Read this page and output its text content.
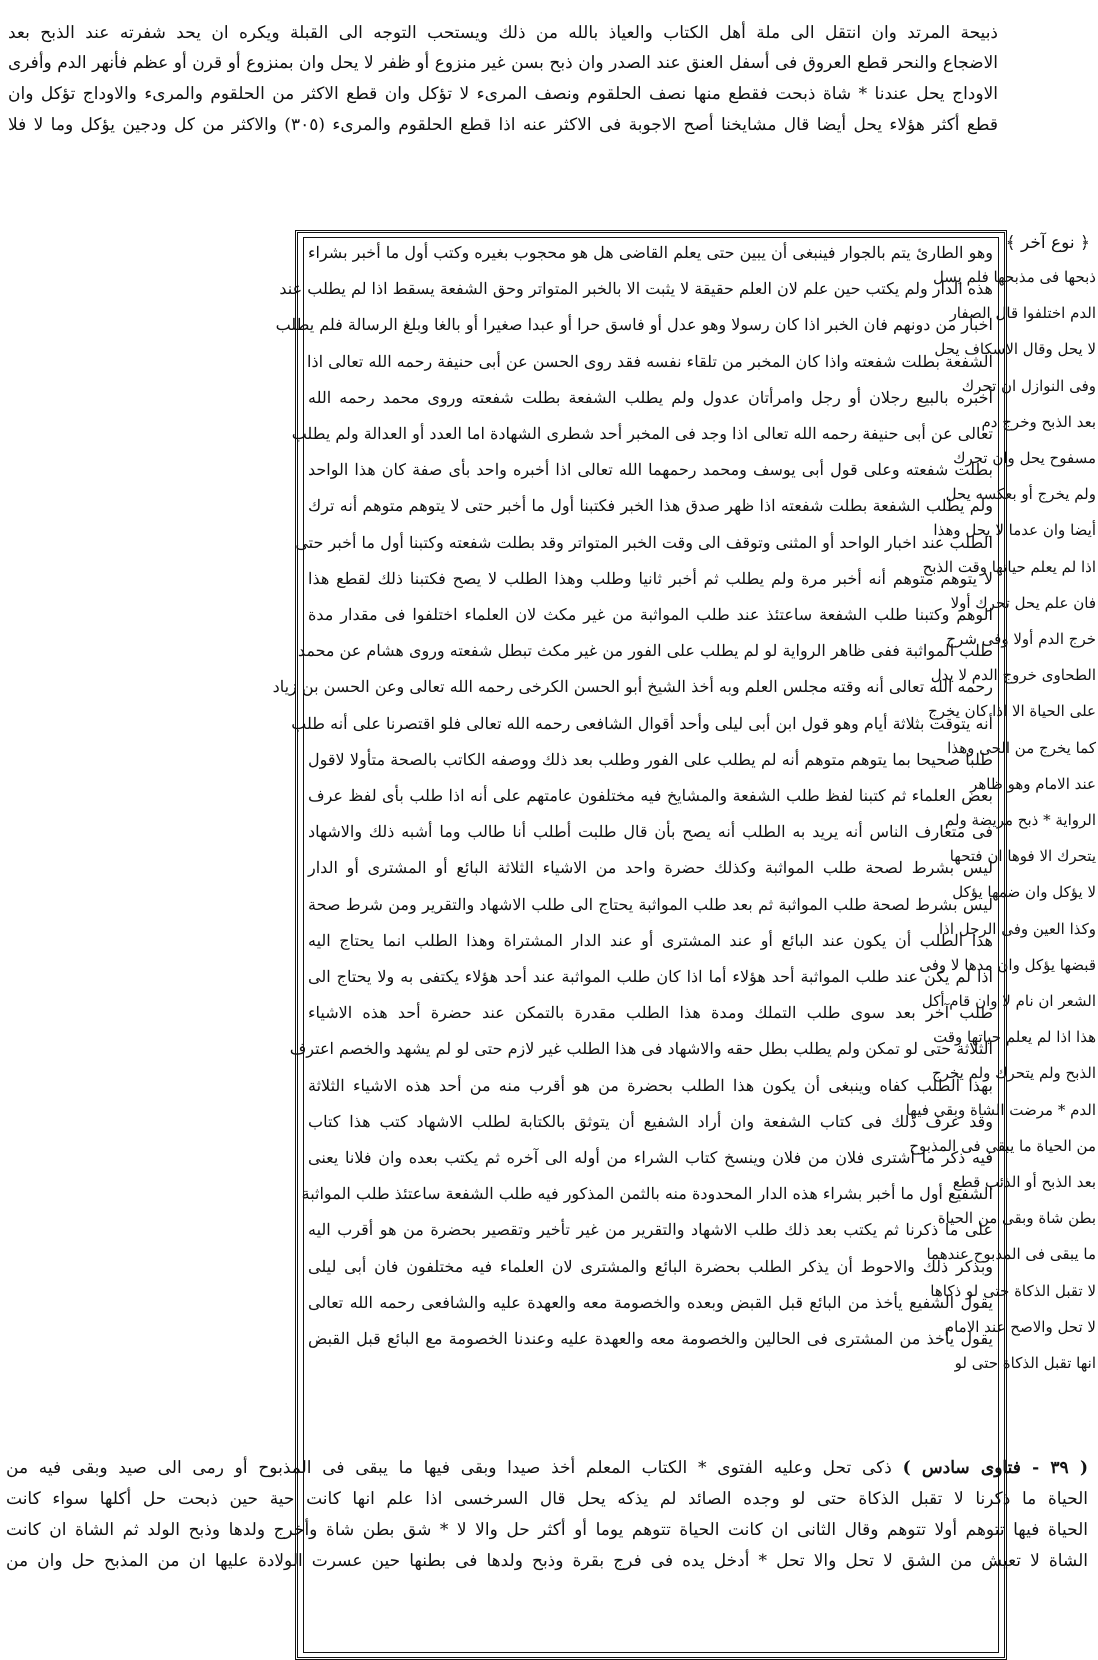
ذبيحة المرتد وان انتقل الى ملة أهل الكتاب والعياذ بالله من ذلك ويستحب التوجه الى القبلة ويكره ان يحد شفرته عند الذبح بعد
الاضجاع والنحر قطع العروق فى أسفل العنق عند الصدر وان ذبح بسن غير منزوع أو ظفر لا يحل وان بمنزوع أو قرن أو عظم فأنهر الدم وأفرى
الاوداج يحل عندنا * شاة ذبحت فقطع منها نصف الحلقوم ونصف المرىء لا تؤكل وان قطع الاكثر من الحلقوم والمرىء والاوداج تؤكل وان
قطع أكثر هؤلاء يحل أيضا قال مشايخنا أصح الاجوبة فى الاكثر عنه اذا قطع الحلقوم والمرىء (٣٠٥) والاكثر من كل ودجين يؤكل وما لا فلا
﴿ نوع آخر ﴾
ذبحها فى مذبحها فلم يسل
الدم اختلفوا قال الصفار
لا يحل وقال الاسكاف يحل
وفى النوازل ان تحرك
بعد الذبح وخرج دم
مسفوح يحل وان تحرك
ولم يخرج أو بعكسه يحل
أيضا وان عدما لا يحل وهذا
اذا لم يعلم حياتها وقت الذبح
فان علم يحل تحرك أولا
خرج الدم أولا وفى شرح
الطحاوى خروج الدم لا يدل
على الحياة الا اذا كان يخرج
كما يخرج من الحى وهذا
عند الامام وهو ظاهر
الرواية * ذبح مريضة ولم
يتحرك الا فوها ان فتحها
لا يؤكل وان ضمها يؤكل
وكذا العين وفى الرجل اذا
قبضها يؤكل وان مدها لا وفى
الشعر ان نام لا وان قام أكل
هذا اذا لم يعلم حياتها وقت
الذبح ولم يتحرك ولم يخرج
الدم * مرضت الشاة وبقى فيها
من الحياة ما يبقى فى المذبوح
بعد الذبح أو الذئب قطع
بطن شاة وبقى من الحياة
ما يبقى فى المذبوح عندهما
لا تقبل الذكاة حتى لو ذكاها
لا تحل والاصح عند الامام
انها تقبل الذكاة حتى لو
وهو الطارئ يتم بالجوار فينبغى أن يبين حتى يعلم القاضى هل هو محجوب بغيره وكتب أول ما أخبر بشراء
هذه الدار ولم يكتب حين علم لان العلم حقيقة لا يثبت الا بالخبر المتواتر وحق الشفعة يسقط اذا لم يطلب عند
اخبار من دونهم فان الخبر اذا كان رسولا وهو عدل أو فاسق حرا أو عبدا صغيرا أو بالغا وبلغ الرسالة فلم يطلب
الشفعة بطلت شفعته واذا كان المخبر من تلقاء نفسه فقد روى الحسن عن أبى حنيفة رحمه الله تعالى اذا
أخبره بالبيع رجلان أو رجل وامرأتان عدول ولم يطلب الشفعة بطلت شفعته وروى محمد رحمه الله
تعالى عن أبى حنيفة رحمه الله تعالى اذا وجد فى المخبر أحد شطرى الشهادة اما العدد أو العدالة ولم يطلب
بطلت شفعته وعلى قول أبى يوسف ومحمد رحمهما الله تعالى اذا أخبره واحد بأى صفة كان هذا الواحد
ولم يطلب الشفعة بطلت شفعته اذا ظهر صدق هذا الخبر فكتبنا أول ما أخبر حتى لا يتوهم متوهم أنه ترك
الطلب عند اخبار الواحد أو المثنى وتوقف الى وقت الخبر المتواتر وقد بطلت شفعته وكتبنا أول ما أخبر حتى
لا يتوهم متوهم أنه أخبر مرة ولم يطلب ثم أخبر ثانيا وطلب وهذا الطلب لا يصح فكتبنا ذلك لقطع هذا
الوهم وكتبنا طلب الشفعة ساعتئذ عند طلب المواثبة من غير مكث لان العلماء اختلفوا فى مقدار مدة
طلب المواثبة ففى ظاهر الرواية لو لم يطلب على الفور من غير مكث تبطل شفعته وروى هشام عن محمد
رحمه الله تعالى أنه وقته مجلس العلم وبه أخذ الشيخ أبو الحسن الكرخى رحمه الله تعالى وعن الحسن بن زياد
أنه يتوقت بثلاثة أيام وهو قول ابن أبى ليلى وأحد أقوال الشافعى رحمه الله تعالى فلو اقتصرنا على أنه طلب
طلبا صحيحا بما يتوهم متوهم أنه لم يطلب على الفور وطلب بعد ذلك ووصفه الكاتب بالصحة متأولا لاقول
بعض العلماء ثم كتبنا لفظ طلب الشفعة والمشايخ فيه مختلفون عامتهم على أنه اذا طلب بأى لفظ عرف
فى متعارف الناس أنه يريد به الطلب أنه يصح بأن قال طلبت أطلب أنا طالب وما أشبه ذلك والاشهاد
ليس بشرط لصحة طلب المواثبة وكذلك حضرة واحد من الاشياء الثلاثة البائع أو المشترى أو الدار
ليس بشرط لصحة طلب المواثبة ثم بعد طلب المواثبة يحتاج الى طلب الاشهاد والتقرير ومن شرط صحة
هذا الطلب أن يكون عند البائع أو عند المشترى أو عند الدار المشتراة وهذا الطلب انما يحتاج اليه
اذا لم يكن عند طلب المواثبة أحد هؤلاء أما اذا كان طلب المواثبة عند أحد هؤلاء يكتفى به ولا يحتاج الى
طلب آخر بعد سوى طلب التملك ومدة هذا الطلب مقدرة بالتمكن عند حضرة أحد هذه الاشياء
الثلاثة حتى لو تمكن ولم يطلب بطل حقه والاشهاد فى هذا الطلب غير لازم حتى لو لم يشهد والخصم اعترف
بهذا الطلب كفاه وينبغى أن يكون هذا الطلب بحضرة من هو أقرب منه من أحد هذه الاشياء الثلاثة
وقد عرف ذلك فى كتاب الشفعة وان أراد الشفيع أن يتوثق بالكتابة لطلب الاشهاد كتب هذا كتاب
فيه ذكر ما اشترى فلان من فلان وينسخ كتاب الشراء من أوله الى آخره ثم يكتب بعده وان فلانا يعنى
الشفيع أول ما أخبر بشراء هذه الدار المحدودة منه بالثمن المذكور فيه طلب الشفعة ساعتئذ طلب المواثبة
على ما ذكرنا ثم يكتب بعد ذلك طلب الاشهاد والتقرير من غير تأخير وتقصير بحضرة من هو أقرب اليه
وبذكر ذلك والاحوط أن يذكر الطلب بحضرة البائع والمشترى لان العلماء فيه مختلفون فان أبى ليلى
يقول الشفيع يأخذ من البائع قبل القبض وبعده والخصومة معه والعهدة عليه والشافعى رحمه الله تعالى
يقول يأخذ من المشترى فى الحالين والخصومة معه والعهدة عليه وعندنا الخصومة مع البائع قبل القبض
( ٣٩ - فتاوى سادس ) ذكى تحل وعليه الفتوى * الكتاب المعلم أخذ صيدا وبقى فيها ما يبقى فى المذبوح أو رمى الى صيد وبقى فيه من
الحياة ما ذكرنا لا تقبل الذكاة حتى لو وجده الصائد لم يذكه يحل قال السرخسى اذا علم انها كانت حية حين ذبحت حل أكلها سواء كانت
الحياة فيها تتوهم أولا تتوهم وقال الثانى ان كانت الحياة تتوهم يوما أو أكثر حل والا لا * شق بطن شاة وأخرج ولدها وذبح الولد ثم الشاة ان كانت
الشاة لا تعيش من الشق لا تحل والا تحل * أدخل يده فى فرج بقرة وذبح ولدها فى بطنها حين عسرت الولادة عليها ان من المذبح حل وان من
